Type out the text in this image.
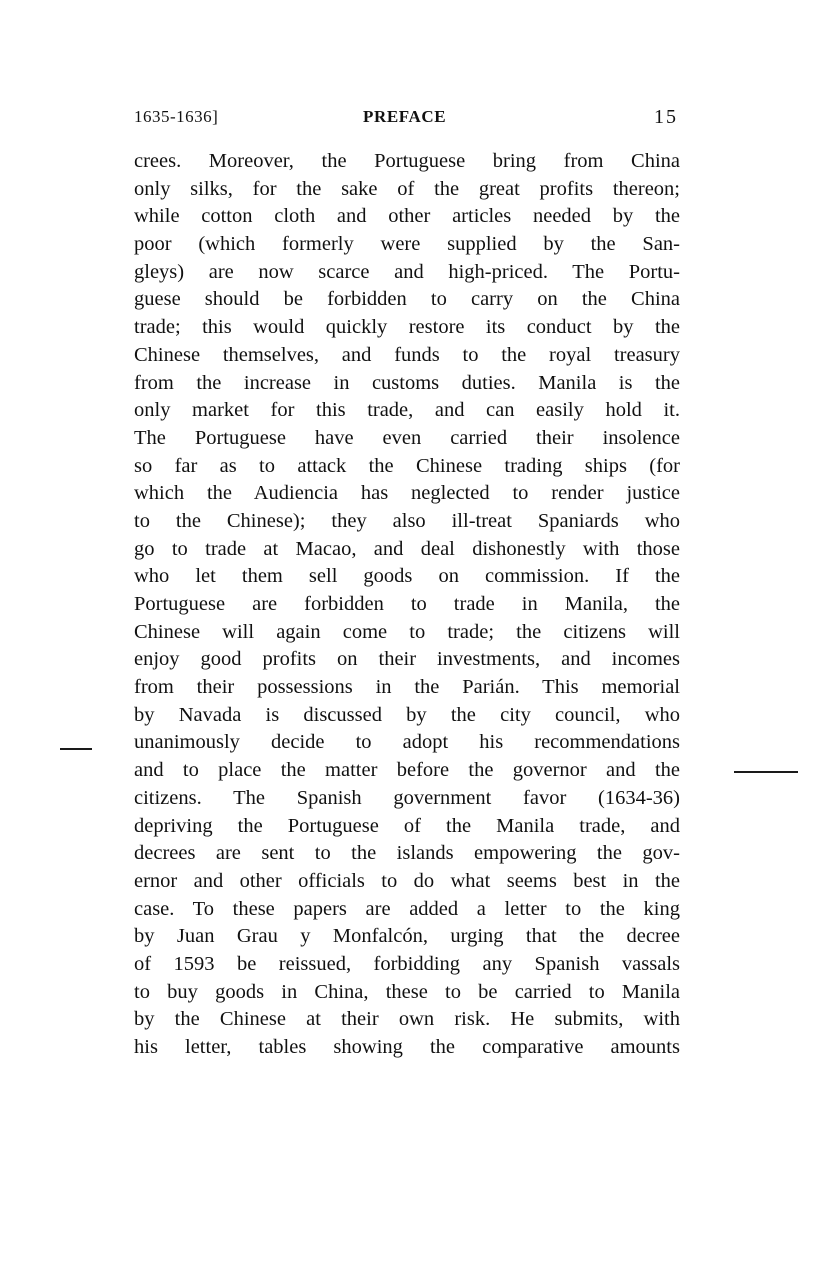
1635-1636]	PREFACE	15
crees. Moreover, the Portuguese bring from China
only silks, for the sake of the great profits thereon;
while cotton cloth and other articles needed by the
poor (which formerly were supplied by the San-
gleys) are now scarce and high-priced. The Portu-
guese should be forbidden to carry on the China
trade; this would quickly restore its conduct by the
Chinese themselves, and funds to the royal treasury
from the increase in customs duties. Manila is the
only market for this trade, and can easily hold it.
The Portuguese have even carried their insolence
so far as to attack the Chinese trading ships (for
which the Audiencia has neglected to render justice
to the Chinese); they also ill-treat Spaniards who
go to trade at Macao, and deal dishonestly with those
who let them sell goods on commission. If the
Portuguese are forbidden to trade in Manila, the
Chinese will again come to trade; the citizens will
enjoy good profits on their investments, and incomes
from their possessions in the Parián. This memorial
by Navada is discussed by the city council, who
unanimously decide to adopt his recommendations
and to place the matter before the governor and the
citizens. The Spanish government favor (1634-36)
depriving the Portuguese of the Manila trade, and
decrees are sent to the islands empowering the gov-
ernor and other officials to do what seems best in the
case. To these papers are added a letter to the king
by Juan Grau y Monfalcón, urging that the decree
of 1593 be reissued, forbidding any Spanish vassals
to buy goods in China, these to be carried to Manila
by the Chinese at their own risk. He submits, with
his letter, tables showing the comparative amounts
